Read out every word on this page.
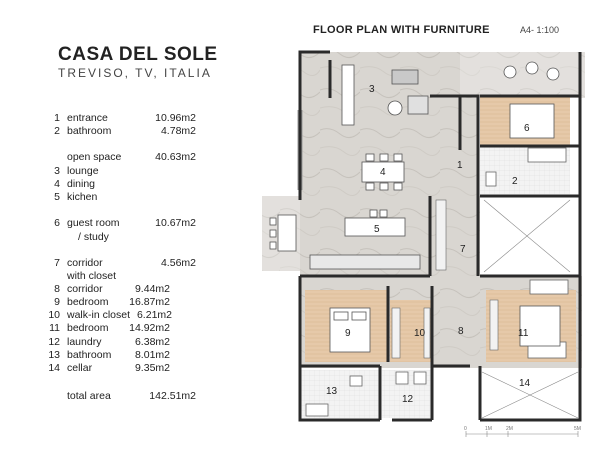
CASA DEL SOLE
TREVISO, TV, ITALIA
1 entrance	10.96m2
2 bathroom	4.78m2
open space	40.63m2
3 lounge
4 dining
5 kichen
6 guest room	10.67m2
/ study
7 corridor	4.56m2
with closet
8 corridor	9.44m2
9 bedroom	16.87m2
10 walk-in closet 6.21m2
11 bedroom	14.92m2
12 laundry	6.38m2
13 bathroom	8.01m2
14 cellar	9.35m2
total area	142.51m2
FLOOR PLAN WITH FURNITURE	A4- 1:100
1
2
3
4
5
6
7
8
9	10	11
12
13
14
0	1M	2M	5M
